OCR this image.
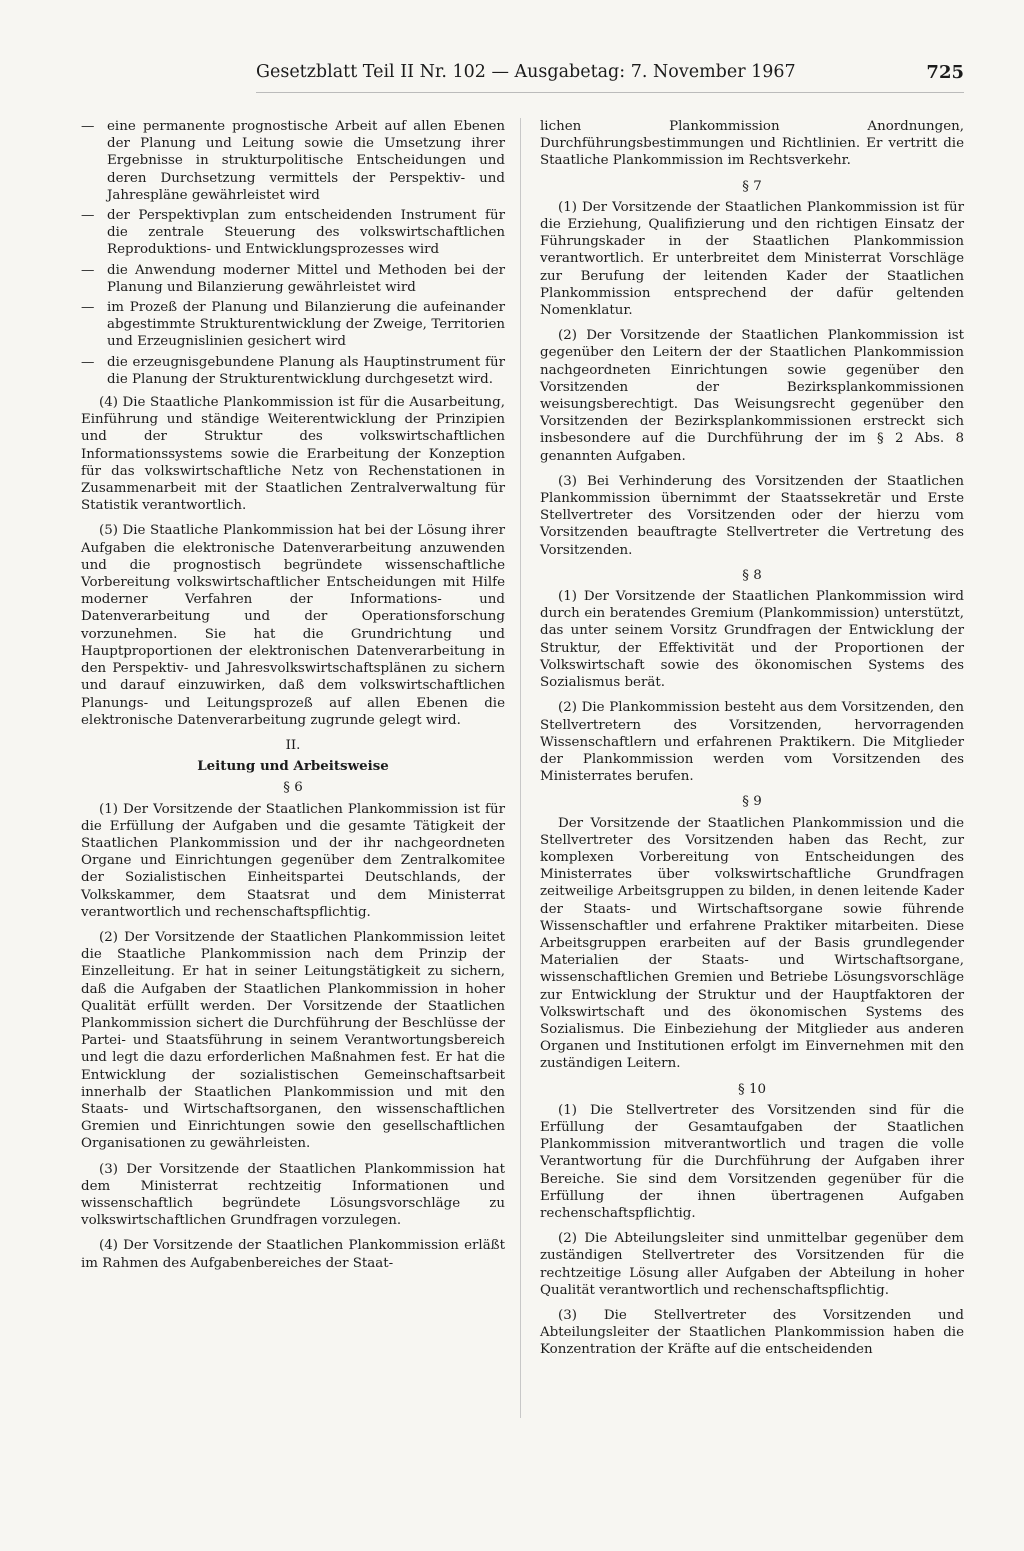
Gesetzblatt Teil II Nr. 102 — Ausgabetag: 7. November 1967	725
— eine permanente prognostische Arbeit auf allen Ebenen der Planung und Leitung sowie die Umsetzung ihrer Ergebnisse in strukturpolitische Entscheidungen und deren Durchsetzung vermittels der Perspektiv- und Jahrespläne gewährleistet wird
— der Perspektivplan zum entscheidenden Instrument für die zentrale Steuerung des volkswirtschaftlichen Reproduktions- und Entwicklungsprozesses wird
— die Anwendung moderner Mittel und Methoden bei der Planung und Bilanzierung gewährleistet wird
— im Prozeß der Planung und Bilanzierung die aufeinander abgestimmte Strukturentwicklung der Zweige, Territorien und Erzeugnislinien gesichert wird
— die erzeugnisgebundene Planung als Hauptinstrument für die Planung der Strukturentwicklung durchgesetzt wird.

(4) Die Staatliche Plankommission ist für die Ausarbeitung, Einführung und ständige Weiterentwicklung der Prinzipien und der Struktur des volkswirtschaftlichen Informationssystems sowie die Erarbeitung der Konzeption für das volkswirtschaftliche Netz von Rechenstationen in Zusammenarbeit mit der Staatlichen Zentralverwaltung für Statistik verantwortlich.

(5) Die Staatliche Plankommission hat bei der Lösung ihrer Aufgaben die elektronische Datenverarbeitung anzuwenden und die prognostisch begründete wissenschaftliche Vorbereitung volkswirtschaftlicher Entscheidungen mit Hilfe moderner Verfahren der Informations- und Datenverarbeitung und der Operationsforschung vorzunehmen. Sie hat die Grundrichtung und Hauptproportionen der elektronischen Datenverarbeitung in den Perspektiv- und Jahresvolkswirtschaftsplänen zu sichern und darauf einzuwirken, daß dem volkswirtschaftlichen Planungs- und Leitungsprozeß auf allen Ebenen die elektronische Datenverarbeitung zugrunde gelegt wird.

II.

Leitung und Arbeitsweise

§ 6

(1) Der Vorsitzende der Staatlichen Plankommission ist für die Erfüllung der Aufgaben und die gesamte Tätigkeit der Staatlichen Plankommission und der ihr nachgeordneten Organe und Einrichtungen gegenüber dem Zentralkomitee der Sozialistischen Einheitspartei Deutschlands, der Volkskammer, dem Staatsrat und dem Ministerrat verantwortlich und rechenschaftspflichtig.

(2) Der Vorsitzende der Staatlichen Plankommission leitet die Staatliche Plankommission nach dem Prinzip der Einzelleitung. Er hat in seiner Leitungstätigkeit zu sichern, daß die Aufgaben der Staatlichen Plankommission in hoher Qualität erfüllt werden. Der Vorsitzende der Staatlichen Plankommission sichert die Durchführung der Beschlüsse der Partei- und Staatsführung in seinem Verantwortungsbereich und legt die dazu erforderlichen Maßnahmen fest. Er hat die Entwicklung der sozialistischen Gemeinschaftsarbeit innerhalb der Staatlichen Plankommission und mit den Staats- und Wirtschaftsorganen, den wissenschaftlichen Gremien und Einrichtungen sowie den gesellschaftlichen Organisationen zu gewährleisten.

(3) Der Vorsitzende der Staatlichen Plankommission hat dem Ministerrat rechtzeitig Informationen und wissenschaftlich begründete Lösungsvorschläge zu volkswirtschaftlichen Grundfragen vorzulegen.

(4) Der Vorsitzende der Staatlichen Plankommission erläßt im Rahmen des Aufgabenbereiches der Staat-

lichen Plankommission Anordnungen, Durchführungsbestimmungen und Richtlinien. Er vertritt die Staatliche Plankommission im Rechtsverkehr.

§ 7

(1) Der Vorsitzende der Staatlichen Plankommission ist für die Erziehung, Qualifizierung und den richtigen Einsatz der Führungskader in der Staatlichen Plankommission verantwortlich. Er unterbreitet dem Ministerrat Vorschläge zur Berufung der leitenden Kader der Staatlichen Plankommission entsprechend der dafür geltenden Nomenklatur.

(2) Der Vorsitzende der Staatlichen Plankommission ist gegenüber den Leitern der der Staatlichen Plankommission nachgeordneten Einrichtungen sowie gegenüber den Vorsitzenden der Bezirksplankommissionen weisungsberechtigt. Das Weisungsrecht gegenüber den Vorsitzenden der Bezirksplankommissionen erstreckt sich insbesondere auf die Durchführung der im § 2 Abs. 8 genannten Aufgaben.

(3) Bei Verhinderung des Vorsitzenden der Staatlichen Plankommission übernimmt der Staatssekretär und Erste Stellvertreter des Vorsitzenden oder der hierzu vom Vorsitzenden beauftragte Stellvertreter die Vertretung des Vorsitzenden.

§ 8

(1) Der Vorsitzende der Staatlichen Plankommission wird durch ein beratendes Gremium (Plankommission) unterstützt, das unter seinem Vorsitz Grundfragen der Entwicklung der Struktur, der Effektivität und der Proportionen der Volkswirtschaft sowie des ökonomischen Systems des Sozialismus berät.

(2) Die Plankommission besteht aus dem Vorsitzenden, den Stellvertretern des Vorsitzenden, hervorragenden Wissenschaftlern und erfahrenen Praktikern. Die Mitglieder der Plankommission werden vom Vorsitzenden des Ministerrates berufen.

§ 9

Der Vorsitzende der Staatlichen Plankommission und die Stellvertreter des Vorsitzenden haben das Recht, zur komplexen Vorbereitung von Entscheidungen des Ministerrates über volkswirtschaftliche Grundfragen zeitweilige Arbeitsgruppen zu bilden, in denen leitende Kader der Staats- und Wirtschaftsorgane sowie führende Wissenschaftler und erfahrene Praktiker mitarbeiten. Diese Arbeitsgruppen erarbeiten auf der Basis grundlegender Materialien der Staats- und Wirtschaftsorgane, wissenschaftlichen Gremien und Betriebe Lösungsvorschläge zur Entwicklung der Struktur und der Hauptfaktoren der Volkswirtschaft und des ökonomischen Systems des Sozialismus. Die Einbeziehung der Mitglieder aus anderen Organen und Institutionen erfolgt im Einvernehmen mit den zuständigen Leitern.

§ 10

(1) Die Stellvertreter des Vorsitzenden sind für die Erfüllung der Gesamtaufgaben der Staatlichen Plankommission mitverantwortlich und tragen die volle Verantwortung für die Durchführung der Aufgaben ihrer Bereiche. Sie sind dem Vorsitzenden gegenüber für die Erfüllung der ihnen übertragenen Aufgaben rechenschaftspflichtig.

(2) Die Abteilungsleiter sind unmittelbar gegenüber dem zuständigen Stellvertreter des Vorsitzenden für die rechtzeitige Lösung aller Aufgaben der Abteilung in hoher Qualität verantwortlich und rechenschaftspflichtig.

(3) Die Stellvertreter des Vorsitzenden und Abteilungsleiter der Staatlichen Plankommission haben die Konzentration der Kräfte auf die entscheidenden
